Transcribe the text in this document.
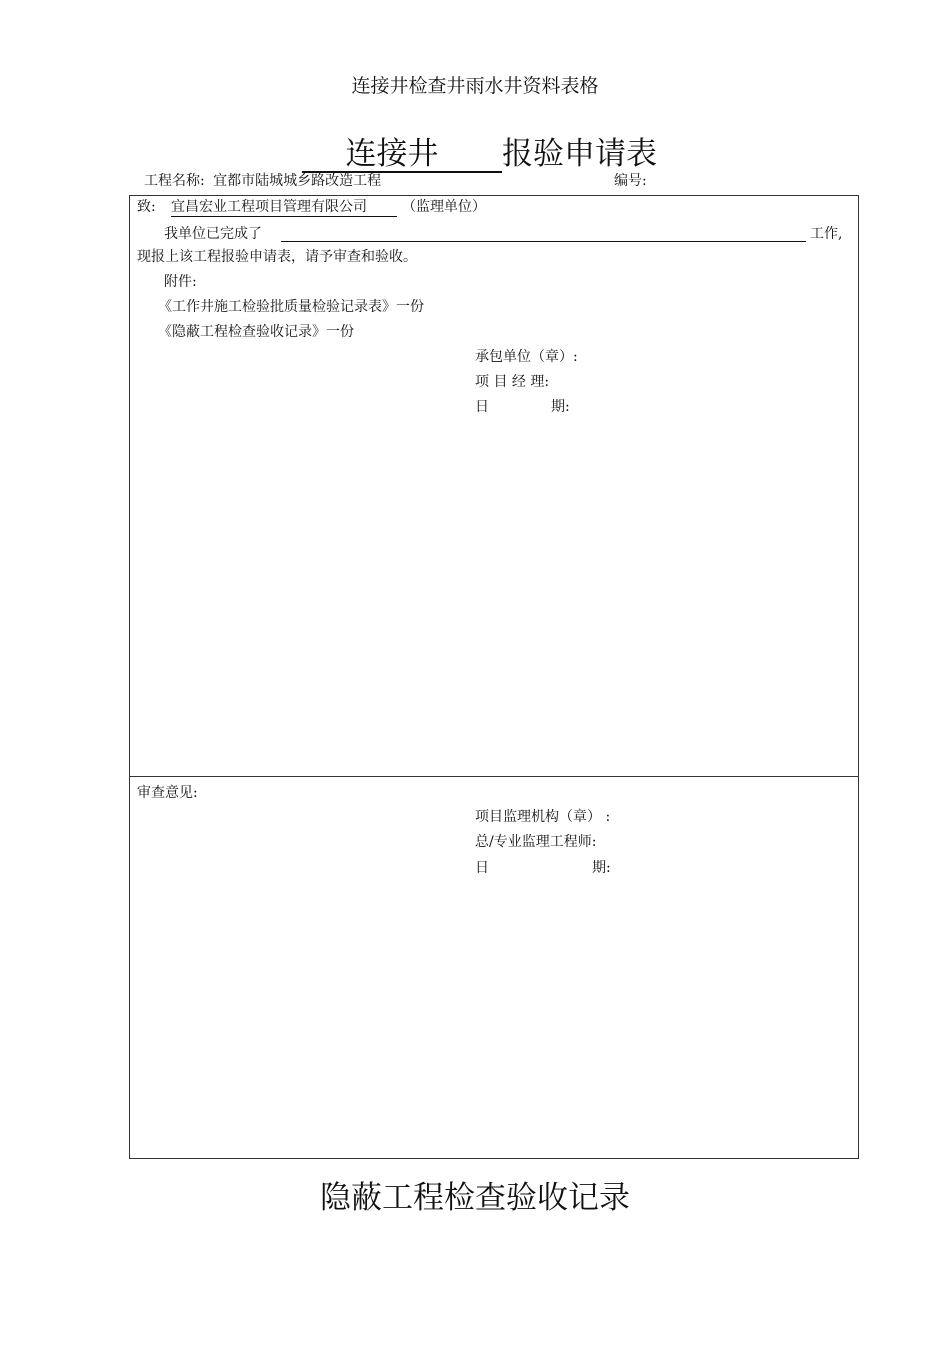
连接井检查井雨水井资料表格
连接井 报验申请表
工程名称: 宜都市陆城城乡路改造工程	编号:
致: 宜昌宏业工程项目管理有限公司	（监理单位）
我单位已完成了	工作,
现报上该工程报验申请表，请予审查和验收。
附件:
《工作井施工检验批质量检验记录表》一份
《隐蔽工程检查验收记录》一份
承包单位（章）:
项 目 经 理:
日	期:
审查意见:
项目监理机构（章） :
总/专业监理工程师:
日	期:
隐蔽工程检查验收记录
